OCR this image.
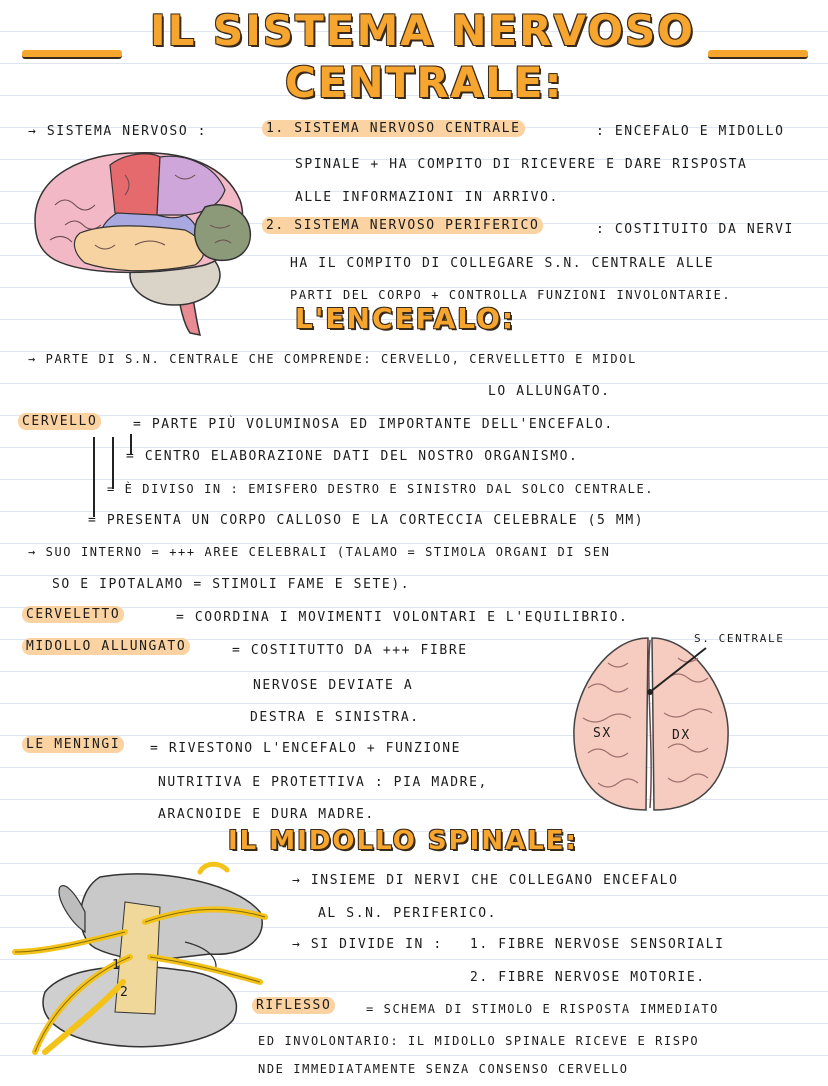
IL SISTEMA NERVOSO
CENTRALE:
→ SISTEMA NERVOSO :	1. SISTEMA NERVOSO CENTRALE	: ENCEFALO E MIDOLLO
SPINALE + HA COMPITO DI RICEVERE E DARE RISPOSTA
ALLE INFORMAZIONI IN ARRIVO.
2. SISTEMA NERVOSO PERIFERICO	: COSTITUITO DA NERVI
HA IL COMPITO DI COLLEGARE S.N. CENTRALE ALLE
PARTI DEL CORPO + CONTROLLA FUNZIONI INVOLONTARIE.
L'ENCEFALO:
→ PARTE DI S.N. CENTRALE CHE COMPRENDE: CERVELLO, CERVELLETTO E MIDOL
LO ALLUNGATO.
CERVELLO	= PARTE PIÙ VOLUMINOSA ED IMPORTANTE DELL'ENCEFALO.
= CENTRO ELABORAZIONE DATI DEL NOSTRO ORGANISMO.
= È DIVISO IN : EMISFERO DESTRO E SINISTRO DAL SOLCO CENTRALE.
= PRESENTA UN CORPO CALLOSO E LA CORTECCIA CELEBRALE (5 MM)
→ SUO INTERNO = +++ AREE CELEBRALI (TALAMO = STIMOLA ORGANI DI SEN
SO E IPOTALAMO = STIMOLI FAME E SETE).
CERVELETTO	= COORDINA I MOVIMENTI VOLONTARI E L'EQUILIBRIO.
MIDOLLO ALLUNGATO	= COSTITUTTO DA +++ FIBRE
NERVOSE DEVIATE A
DESTRA E SINISTRA.
LE MENINGI	= RIVESTONO L'ENCEFALO + FUNZIONE
NUTRITIVA E PROTETTIVA : PIA MADRE,
ARACNOIDE E DURA MADRE.
S. CENTRALE
SX	DX
IL MIDOLLO SPINALE:
1
2
→ INSIEME DI NERVI CHE COLLEGANO ENCEFALO
AL S.N. PERIFERICO.
→ SI DIVIDE IN : 1. FIBRE NERVOSE SENSORIALI
2. FIBRE NERVOSE MOTORIE.
RIFLESSO	= SCHEMA DI STIMOLO E RISPOSTA IMMEDIATO
ED INVOLONTARIO: IL MIDOLLO SPINALE RICEVE E RISPO
NDE IMMEDIATAMENTE SENZA CONSENSO CERVELLO
